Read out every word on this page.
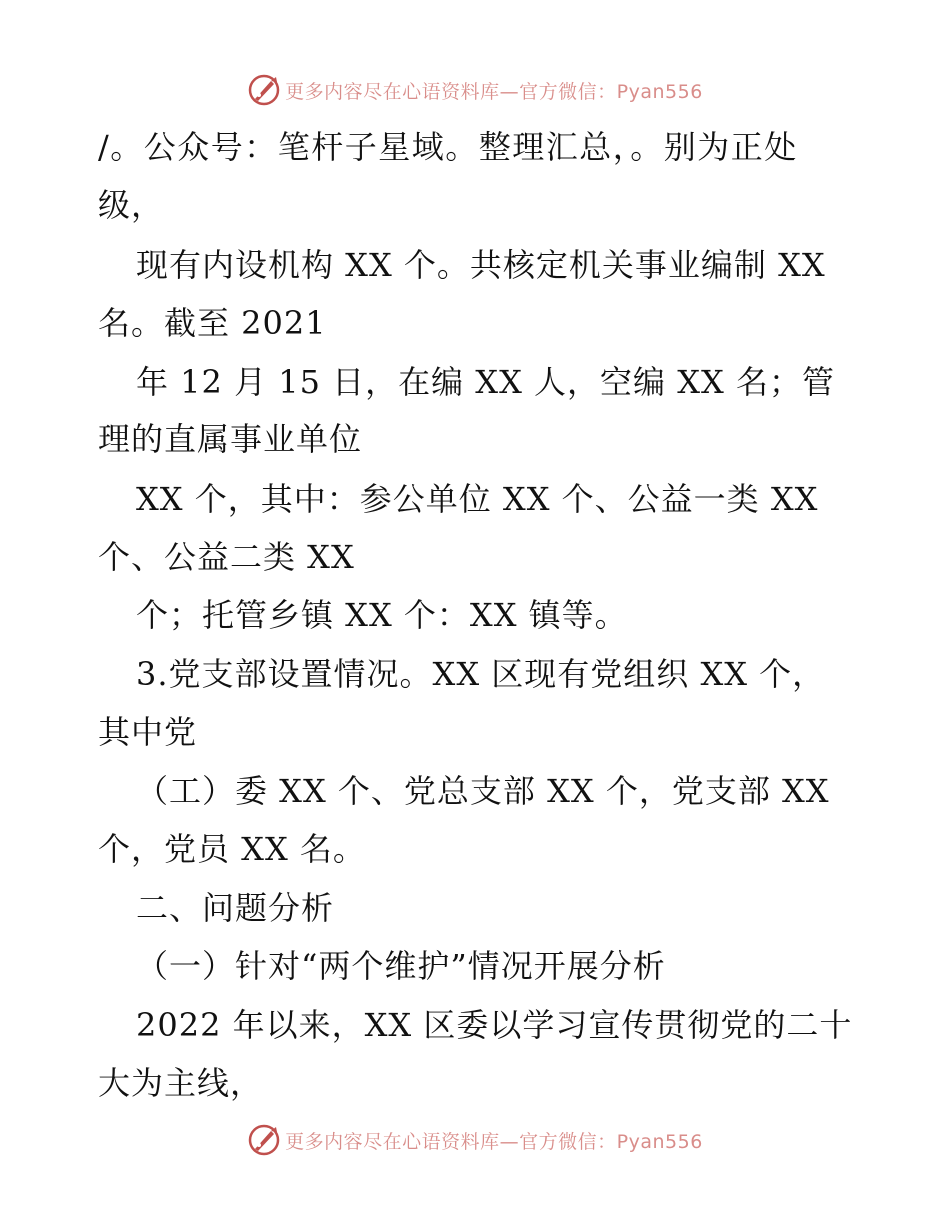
更多内容尽在心语资料库—官方微信：Pyan556
/。公众号：笔杆子星域。整理汇总，。别为正处
级，
现有内设机构 XX 个。共核定机关事业编制 XX
名。截至 2021
年 12 月 15 日，在编 XX 人，空编 XX 名；管
理的直属事业单位
XX 个，其中：参公单位 XX 个、公益一类 XX
个、公益二类 XX
个；托管乡镇 XX 个：XX 镇等。
3.党支部设置情况。XX 区现有党组织 XX 个，
其中党
（工）委 XX 个、党总支部 XX 个，党支部 XX
个，党员 XX 名。
二、问题分析
（一）针对“两个维护”情况开展分析
2022 年以来，XX 区委以学习宣传贯彻党的二十
大为主线，
更多内容尽在心语资料库—官方微信：Pyan556
